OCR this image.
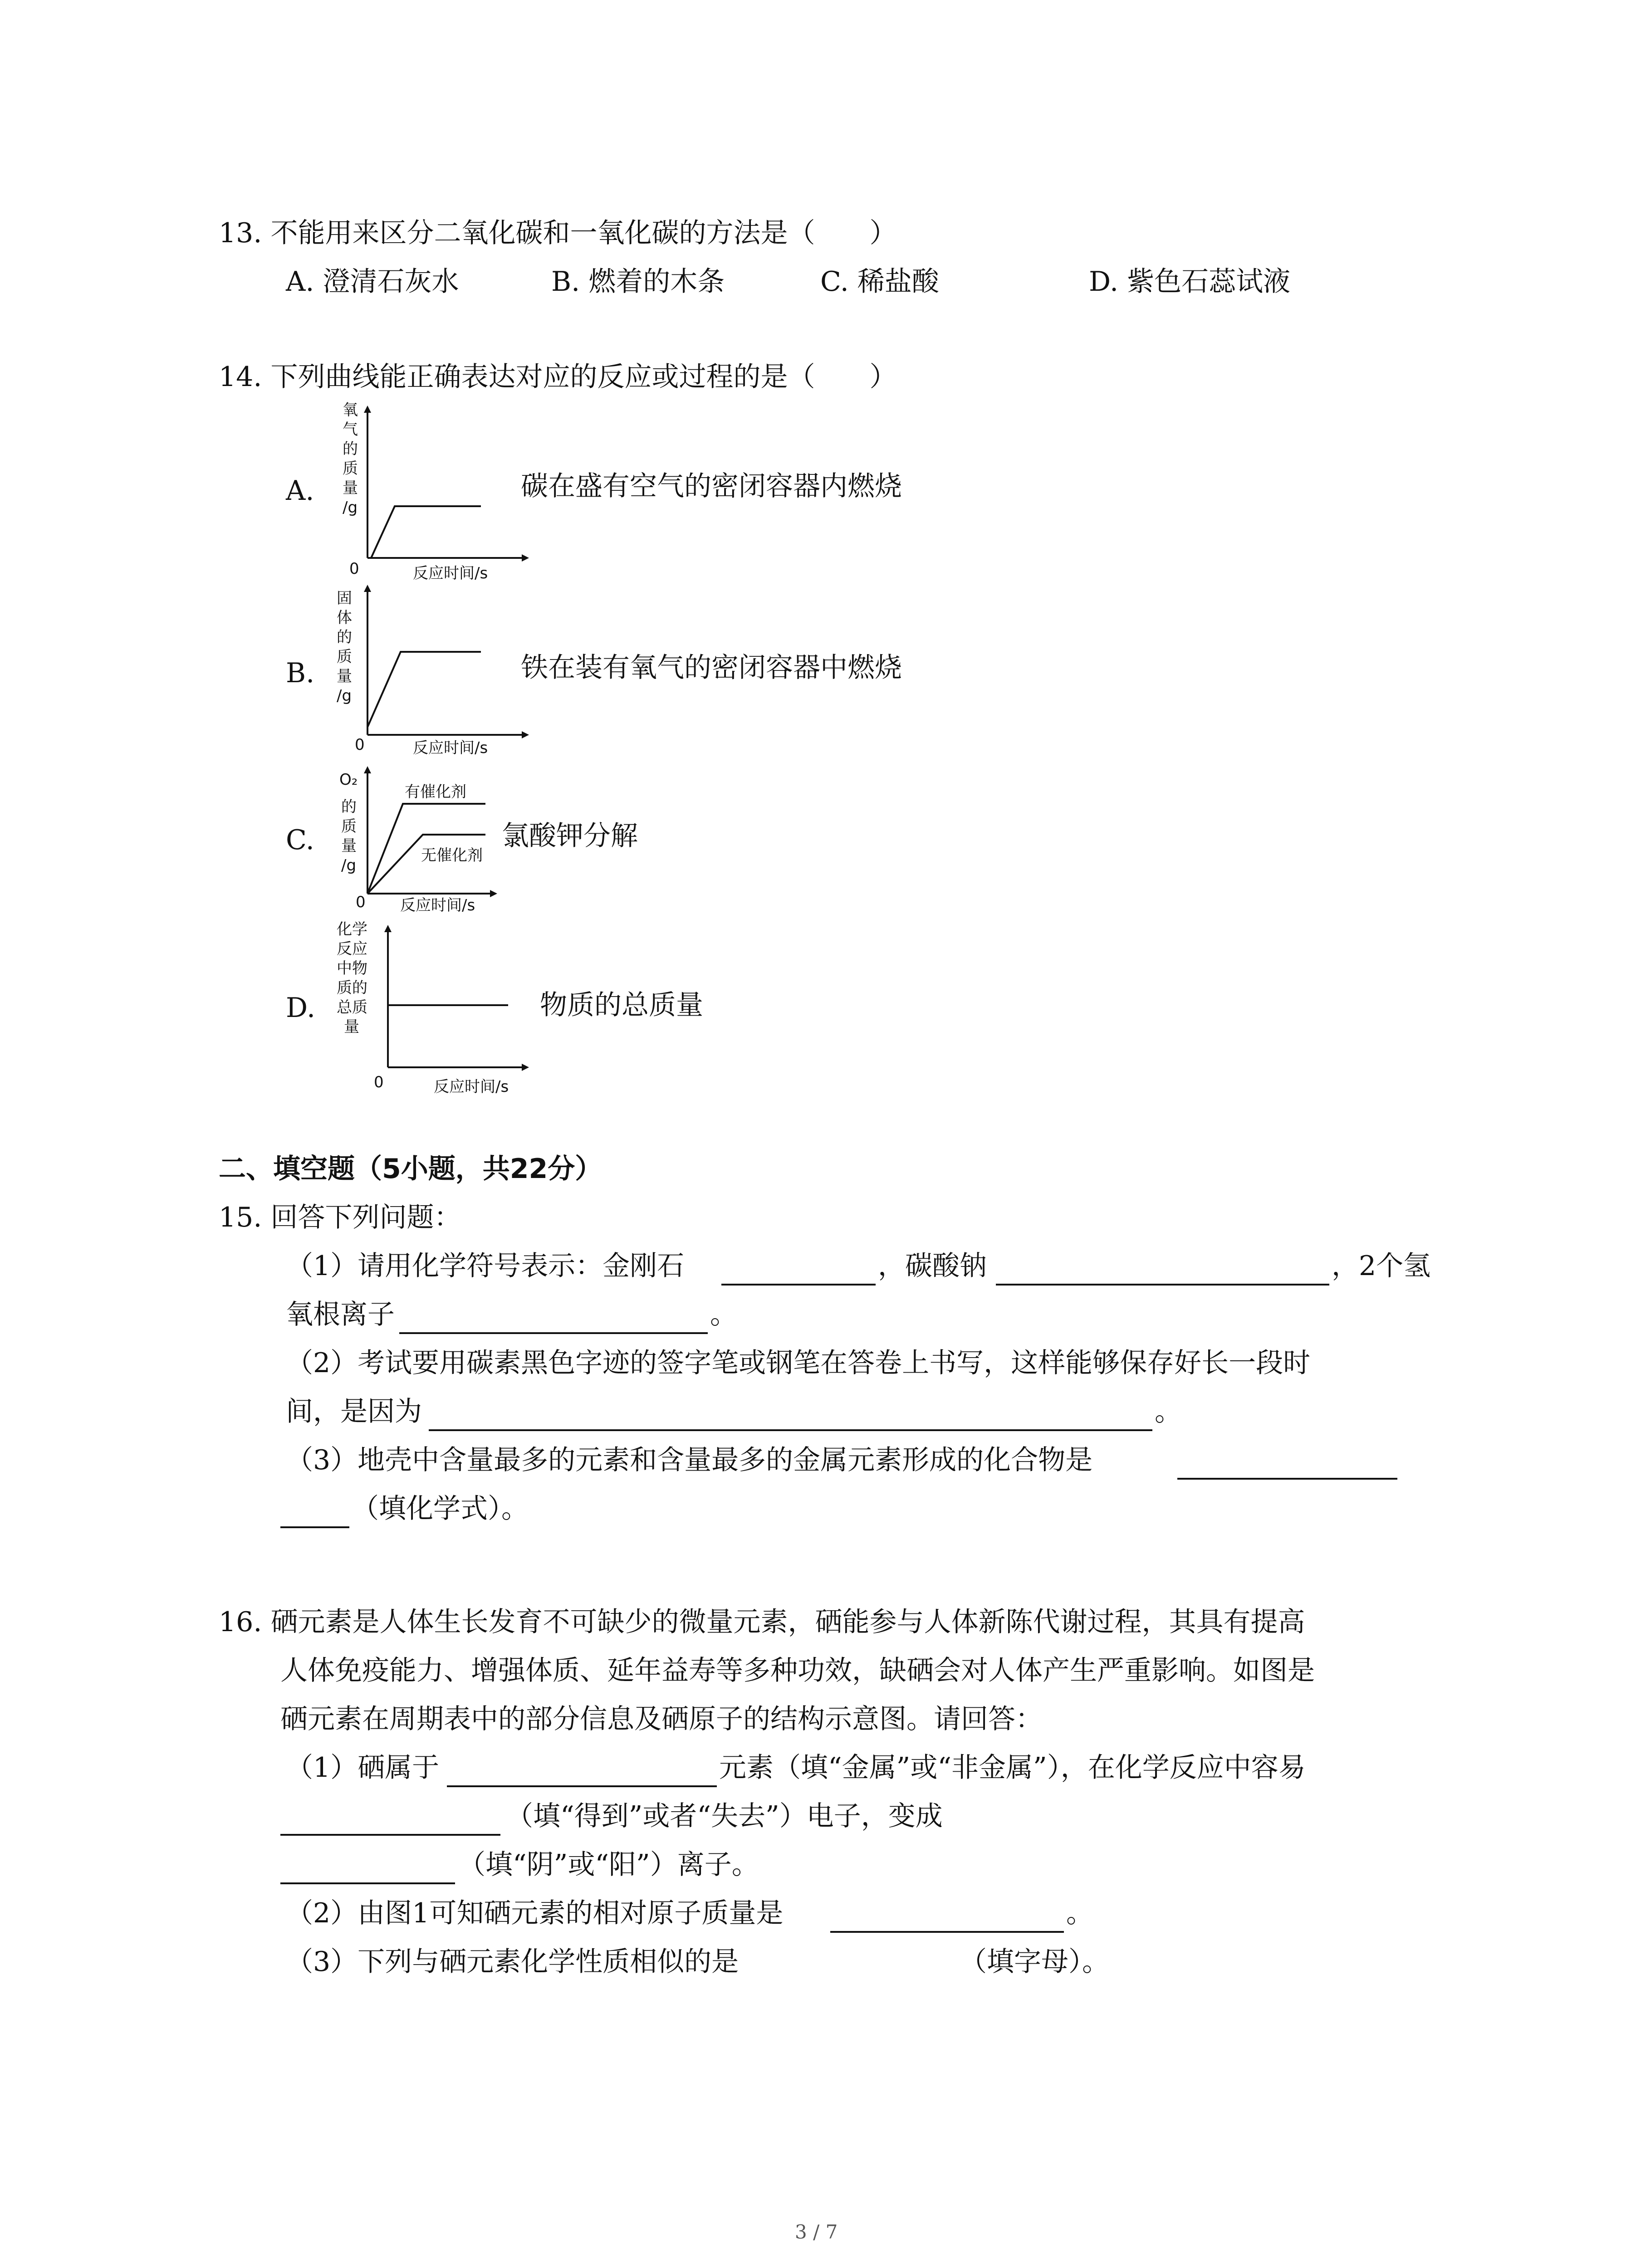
13. 不能用来区分二氧化碳和一氧化碳的方法是（　　）
A. 澄清石灰水	B. 燃着的木条	C. 稀盐酸	D. 紫色石蕊试液
14. 下列曲线能正确表达对应的反应或过程的是（　　）
A.
氧
气
的
质
量
/g
0	反应时间/s
碳在盛有空气的密闭容器内燃烧
B.
固
体
的
质
量
/g
0	反应时间/s
铁在装有氧气的密闭容器中燃烧
C.
O₂
的
质
量
/g
0 反应时间/s
有催化剂
无催化剂
氯酸钾分解
D.
化学
反应
中物
质的
总质
量
0	反应时间/s
物质的总质量
二、填空题（5小题，共22分）
15. 回答下列问题：
（1）请用化学符号表示：金刚石	，碳酸钠	，2个氢
氧根离子	。
（2）考试要用碳素黑色字迹的签字笔或钢笔在答卷上书写，这样能够保存好长一段时
间，是因为	。
（3）地壳中含量最多的元素和含量最多的金属元素形成的化合物是
（填化学式）。
16. 硒元素是人体生长发育不可缺少的微量元素，硒能参与人体新陈代谢过程，其具有提高
人体免疫能力、增强体质、延年益寿等多种功效，缺硒会对人体产生严重影响。如图是
硒元素在周期表中的部分信息及硒原子的结构示意图。请回答：
（1）硒属于	元素（填“金属”或“非金属”），在化学反应中容易
（填“得到”或者“失去”）电子，变成
（填“阴”或“阳”）离子。
（2）由图1可知硒元素的相对原子质量是	。
（3）下列与硒元素化学性质相似的是	（填字母）。
3 / 7
